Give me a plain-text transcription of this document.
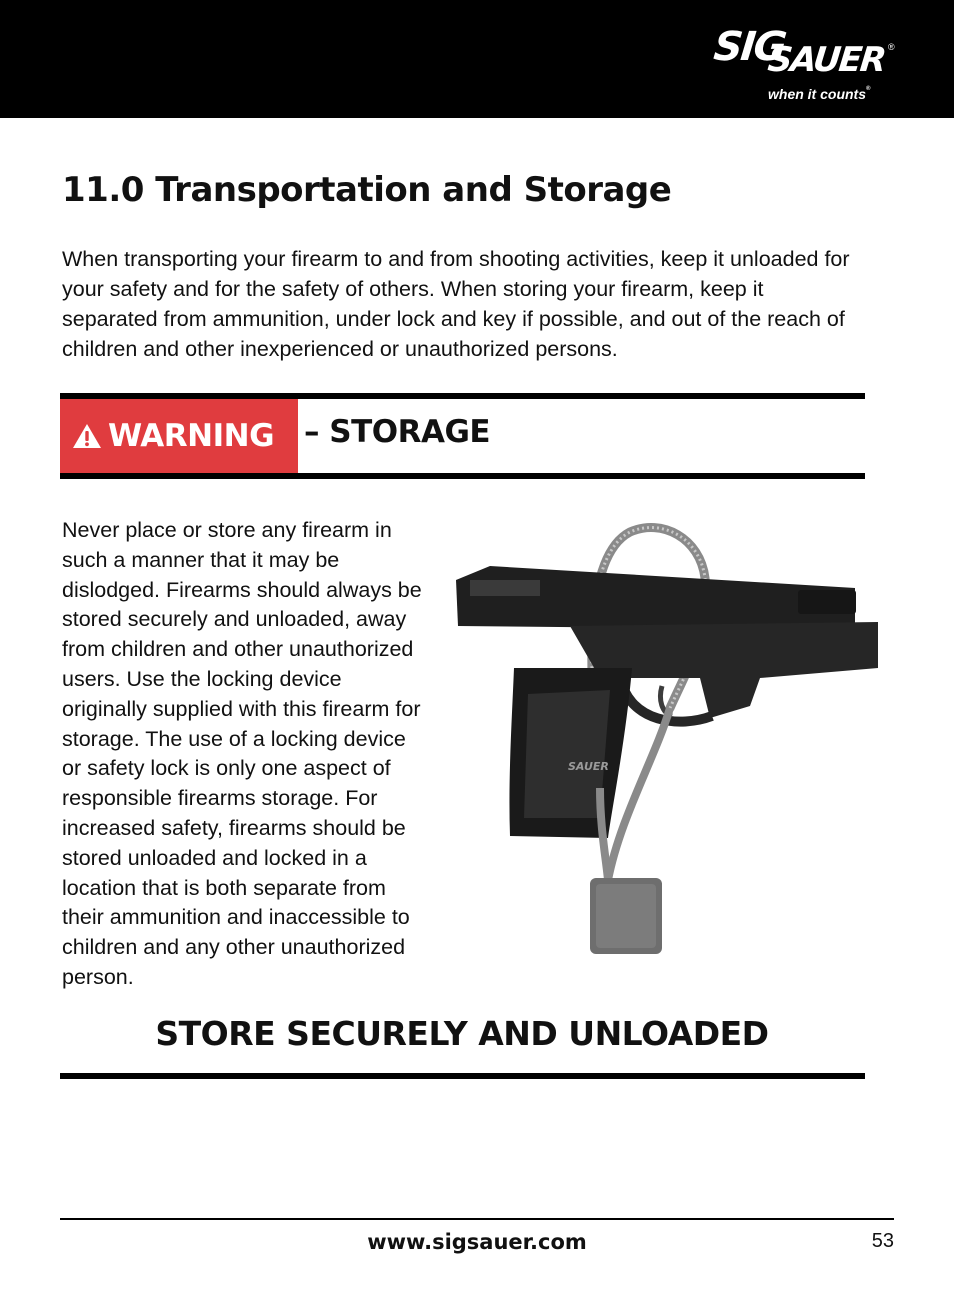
SIG
SAUER ®
when it counts®
11.0 Transportation and Storage

When transporting your firearm to and from shooting activities, keep it unloaded for your safety and for the safety of others. When storing your firearm, keep it separated from ammunition, under lock and key if possible, and out of the reach of children and other inexperienced or unauthorized persons.

WARNING – STORAGE

Never place or store any firearm in such a manner that it may be dislodged. Firearms should always be stored securely and unloaded, away from children and other unauthorized users. Use the locking device originally supplied with this firearm for storage. The use of a locking device or safety lock is only one aspect of responsible firearms storage. For increased safety, firearms should be stored unloaded and locked in a location that is both separate from their ammunition and inaccessible to children and any other unauthorized person.

SAUER

STORE SECURELY AND UNLOADED

www.sigsauer.com	53
